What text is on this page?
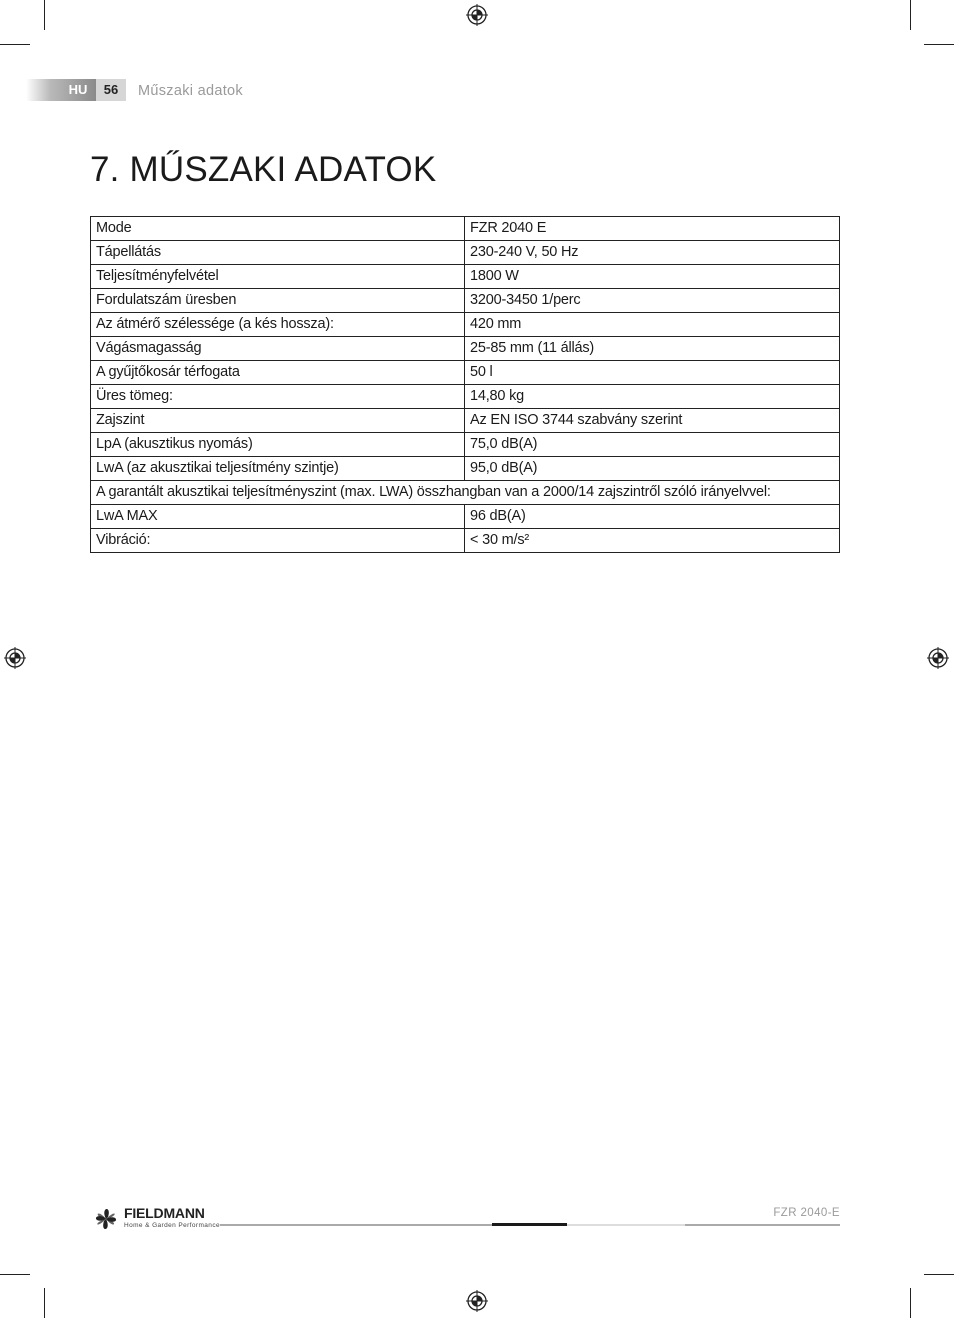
HU	56	Műszaki adatok
7. MŰSZAKI ADATOK
Mode	FZR 2040 E
Tápellátás	230-240 V, 50 Hz
Teljesítményfelvétel	1800 W
Fordulatszám üresben	3200-3450 1/perc
Az átmérő szélessége (a kés hossza):	420 mm
Vágásmagasság	25-85 mm (11 állás)
A gyűjtőkosár térfogata	50 l
Üres tömeg:	14,80 kg
Zajszint	Az EN ISO 3744 szabvány szerint
LpA (akusztikus nyomás)	75,0 dB(A)
LwA (az akusztikai teljesítmény szintje)	95,0 dB(A)
A garantált akusztikai teljesítményszint (max. LWA) összhangban van a 2000/14 zajszintről szóló irányelvvel:	
LwA MAX	96 dB(A)
Vibráció:	< 30 m/s²
FIELDMANN
Home & Garden Performance
FZR 2040-E
